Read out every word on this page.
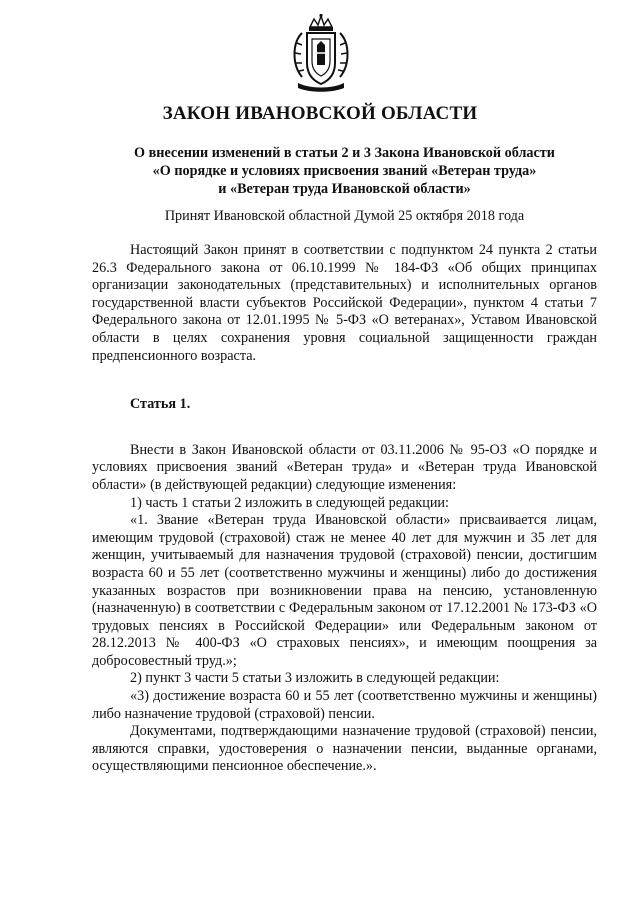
ЗАКОН ИВАНОВСКОЙ ОБЛАСТИ
О внесении изменений в статьи 2 и 3 Закона Ивановской области
«О порядке и условиях присвоения званий «Ветеран труда»
и «Ветеран труда Ивановской области»
Принят Ивановской областной Думой 25 октября 2018 года

Настоящий Закон принят в соответствии с подпунктом 24 пункта 2 статьи 26.3 Федерального закона от 06.10.1999 № 184-ФЗ «Об общих принципах организации законодательных (представительных) и исполнительных органов государственной власти субъектов Российской Федерации», пунктом 4 статьи 7 Федерального закона от 12.01.1995 № 5-ФЗ «О ветеранах», Уставом Ивановской области в целях сохранения уровня социальной защищенности граждан предпенсионного возраста.

Статья 1.

Внести в Закон Ивановской области от 03.11.2006 № 95-ОЗ «О порядке и условиях присвоения званий «Ветеран труда» и «Ветеран труда Ивановской области» (в действующей редакции) следующие изменения:

1) часть 1 статьи 2 изложить в следующей редакции:

«1. Звание «Ветеран труда Ивановской области» присваивается лицам, имеющим трудовой (страховой) стаж не менее 40 лет для мужчин и 35 лет для женщин, учитываемый для назначения трудовой (страховой) пенсии, достигшим возраста 60 и 55 лет (соответственно мужчины и женщины) либо до достижения указанных возрастов при возникновении права на пенсию, установленную (назначенную) в соответствии с Федеральным законом от 17.12.2001 № 173-ФЗ «О трудовых пенсиях в Российской Федерации» или Федеральным законом от 28.12.2013 № 400-ФЗ «О страховых пенсиях», и имеющим поощрения за добросовестный труд.»;

2) пункт 3 части 5 статьи 3 изложить в следующей редакции:

«3) достижение возраста 60 и 55 лет (соответственно мужчины и женщины) либо назначение трудовой (страховой) пенсии.

Документами, подтверждающими назначение трудовой (страховой) пенсии, являются справки, удостоверения о назначении пенсии, выданные органами, осуществляющими пенсионное обеспечение.».
